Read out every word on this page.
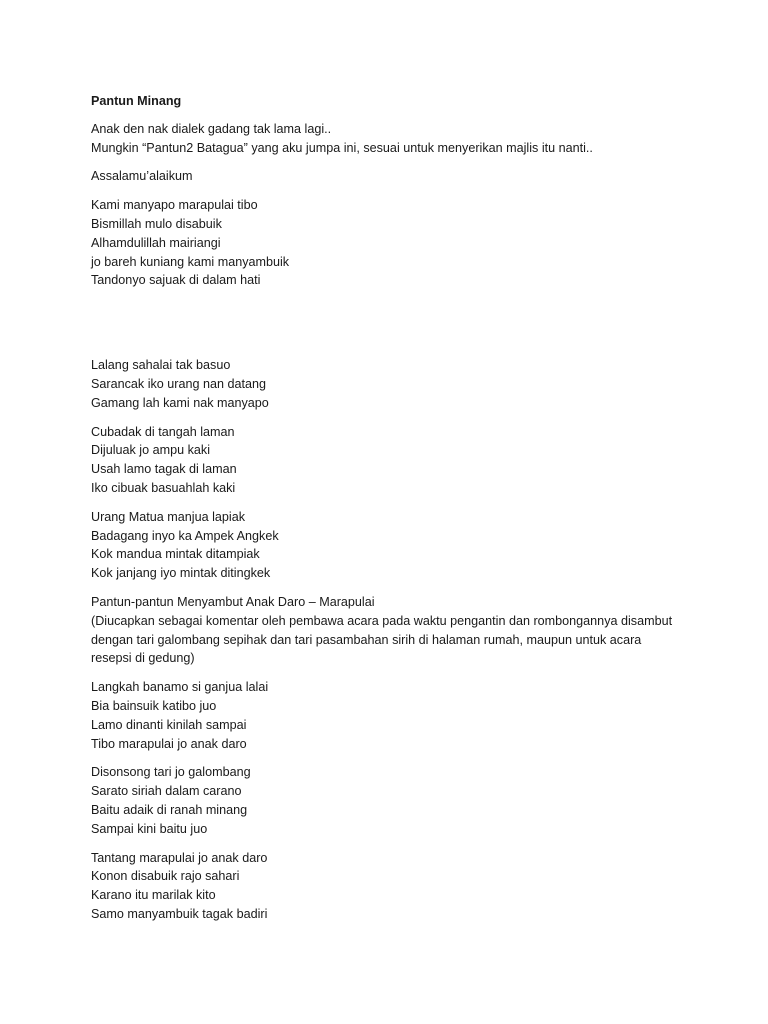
Pantun Minang

Anak den nak dialek gadang tak lama lagi..
Mungkin “Pantun2 Batagua” yang aku jumpa ini, sesuai untuk menyerikan majlis itu nanti..

Assalamu’alaikum

Kami manyapo marapulai tibo
Bismillah mulo disabuik
Alhamdulillah mairiangi
jo bareh kuniang kami manyambuik
Tandonyo sajuak di dalam hati

Lalang sahalai tak basuo
Sarancak iko urang nan datang
Gamang lah kami nak manyapo

Cubadak di tangah laman
Dijuluak jo ampu kaki
Usah lamo tagak di laman
Iko cibuak basuahlah kaki

Urang Matua manjua lapiak
Badagang inyo ka Ampek Angkek
Kok mandua mintak ditampiak
Kok janjang iyo mintak ditingkek

Pantun-pantun Menyambut Anak Daro – Marapulai
(Diucapkan sebagai komentar oleh pembawa acara pada waktu pengantin dan rombongannya disambut
dengan tari galombang sepihak dan tari pasambahan sirih di halaman rumah, maupun untuk acara
resepsi di gedung)

Langkah banamo si ganjua lalai
Bia bainsuik katibo juo
Lamo dinanti kinilah sampai
Tibo marapulai jo anak daro

Disonsong tari jo galombang
Sarato siriah dalam carano
Baitu adaik di ranah minang
Sampai kini baitu juo

Tantang marapulai jo anak daro
Konon disabuik rajo sahari
Karano itu marilak kito
Samo manyambuik tagak badiri
